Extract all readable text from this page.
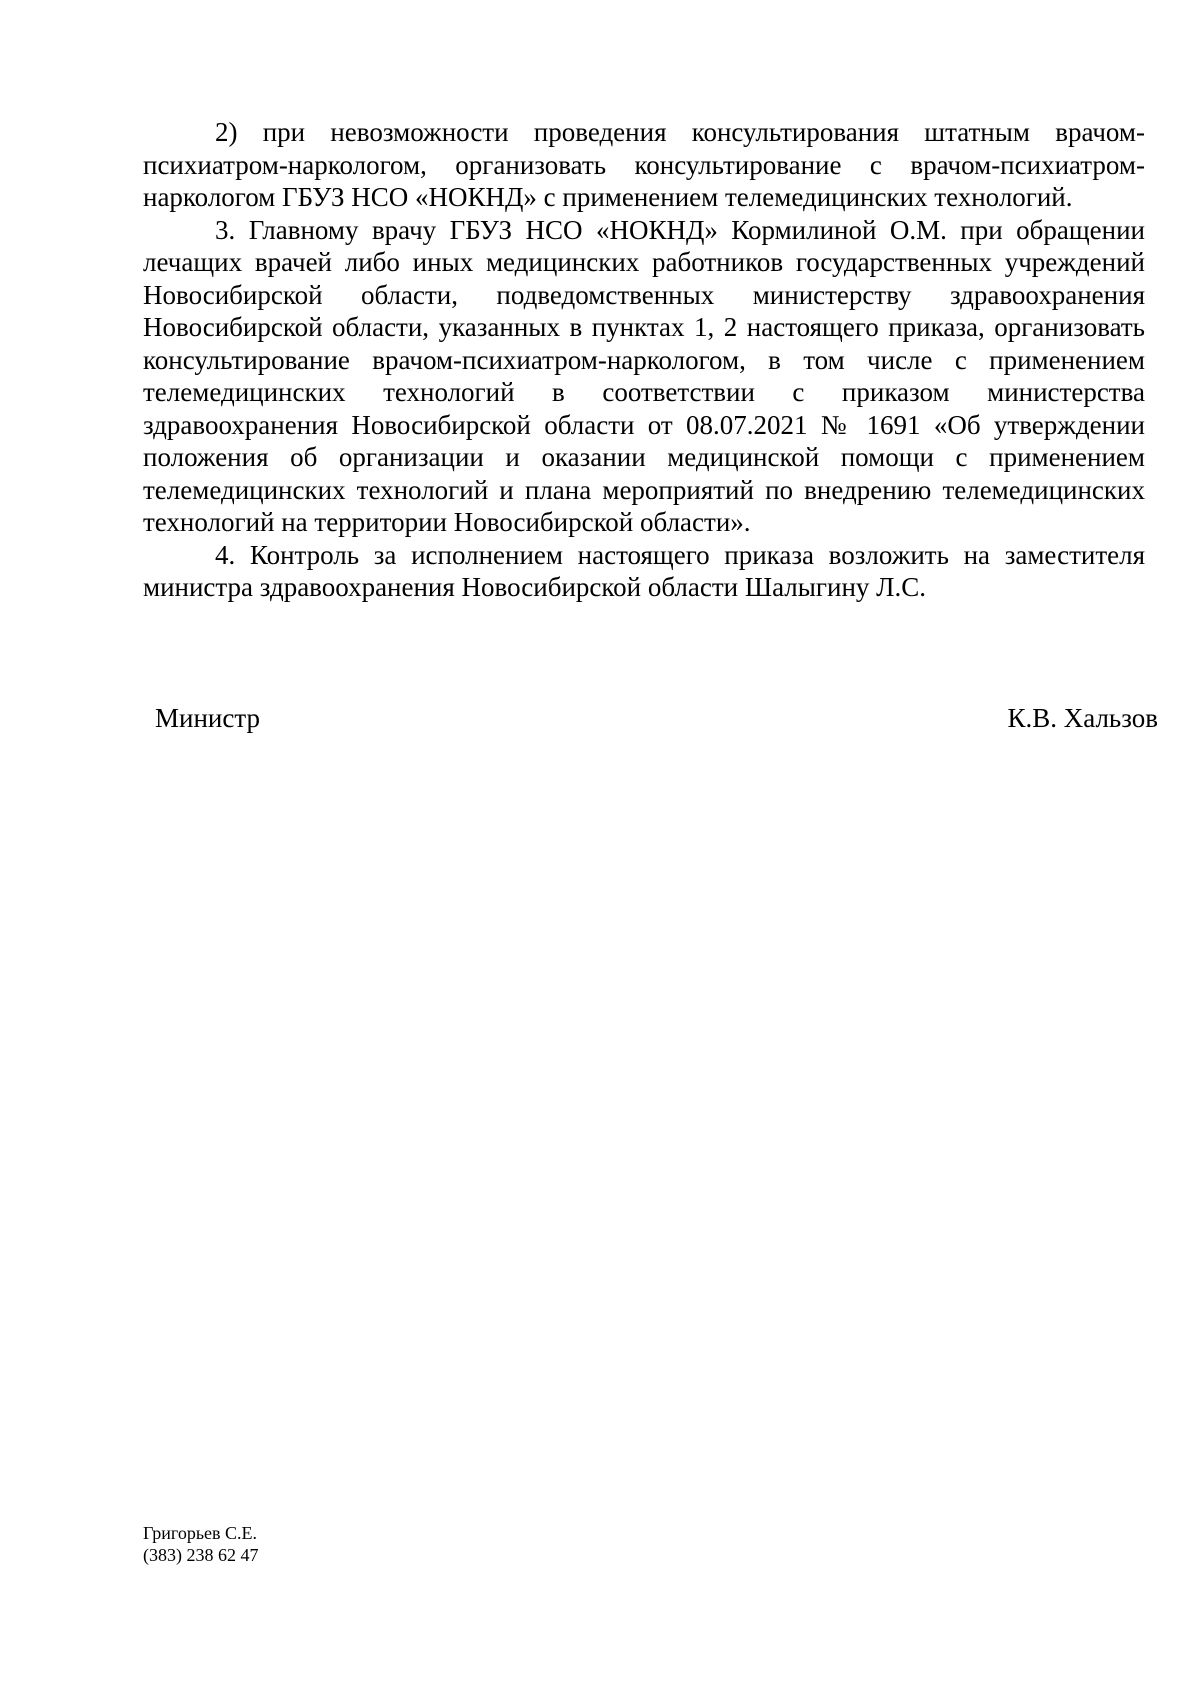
2) при невозможности проведения консультирования штатным врачом-психиатром-наркологом, организовать консультирование с врачом-психиатром-наркологом ГБУЗ НСО «НОКНД» с применением телемедицинских технологий.

3. Главному врачу ГБУЗ НСО «НОКНД» Кормилиной О.М. при обращении лечащих врачей либо иных медицинских работников государственных учреждений Новосибирской области, подведомственных министерству здравоохранения Новосибирской области, указанных в пунктах 1, 2 настоящего приказа, организовать консультирование врачом-психиатром-наркологом, в том числе с применением телемедицинских технологий в соответствии с приказом министерства здравоохранения Новосибирской области от 08.07.2021 № 1691 «Об утверждении положения об организации и оказании медицинской помощи с применением телемедицинских технологий и плана мероприятий по внедрению телемедицинских технологий на территории Новосибирской области».

4. Контроль за исполнением настоящего приказа возложить на заместителя министра здравоохранения Новосибирской области Шалыгину Л.С.

Министр	К.В. Хальзов
Григорьев С.Е.
(383) 238 62 47
